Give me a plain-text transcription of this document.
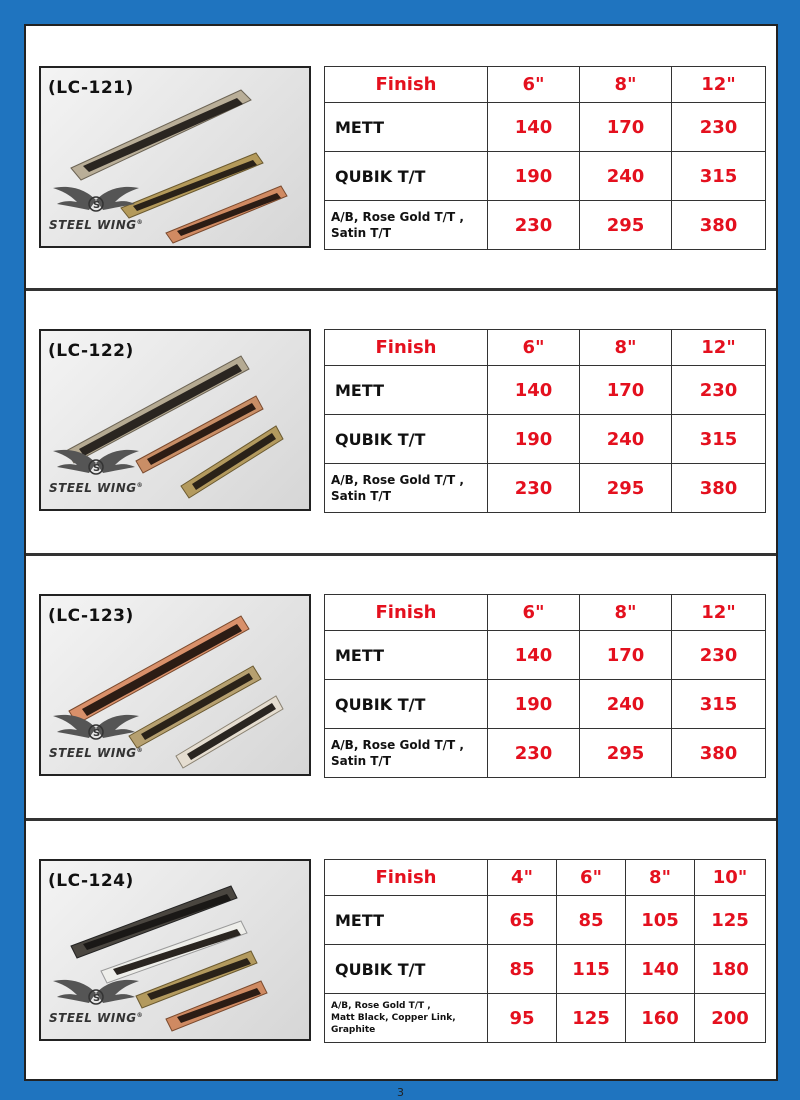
(LC-121)
S
STEEL WING®
Finish	6"	8"	12"
METT	140	170	230
QUBIK T/T	190	240	315

A/B, Rose Gold T/T ,
Satin T/T	230	295	380
(LC-122)
S
STEEL WING®
Finish	6"	8"	12"
METT	140	170	230
QUBIK T/T	190	240	315

A/B, Rose Gold T/T ,
Satin T/T	230	295	380
(LC-123)
S
STEEL WING®
Finish	6"	8"	12"
METT	140	170	230
QUBIK T/T	190	240	315

A/B, Rose Gold T/T ,
Satin T/T	230	295	380
(LC-124)
S
STEEL WING®
Finish	4"	6"	8"	10"
METT	65	85	105	125
QUBIK T/T	85	115	140	180

A/B, Rose Gold T/T ,
Matt Black, Copper Link,
Graphite	95	125	160	200
3
